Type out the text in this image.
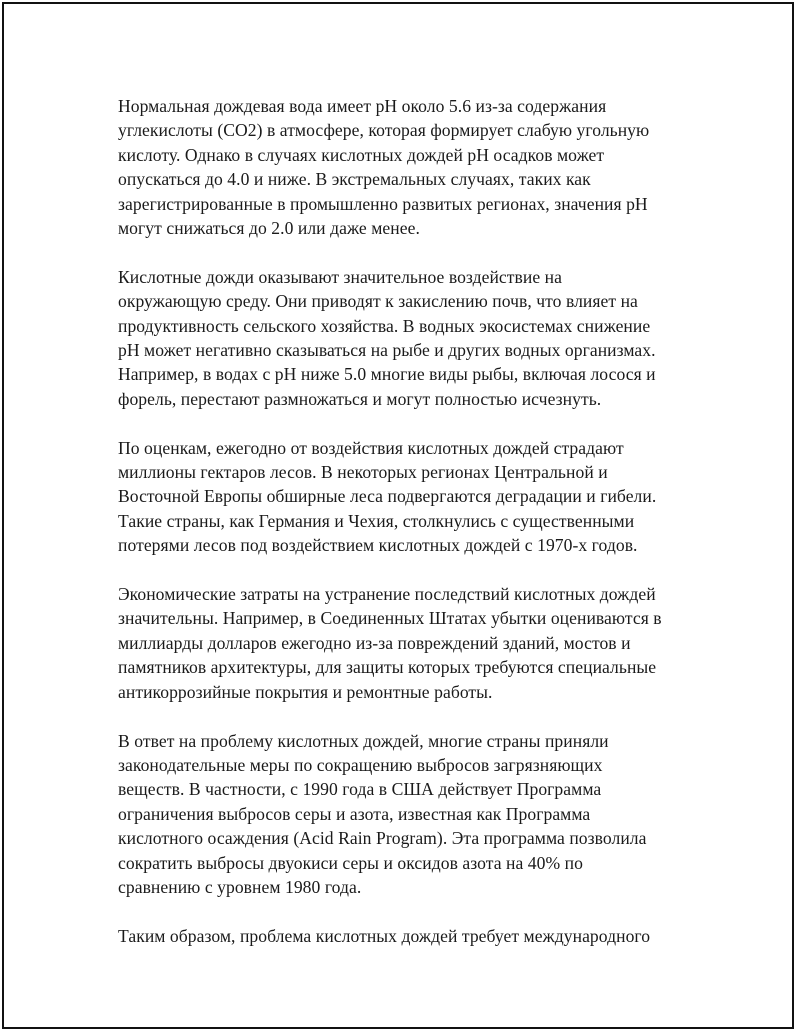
Нормальная дождевая вода имеет pH около 5.6 из-за содержания
углекислоты (CO2) в атмосфере, которая формирует слабую угольную
кислоту. Однако в случаях кислотных дождей pH осадков может
опускаться до 4.0 и ниже. В экстремальных случаях, таких как
зарегистрированные в промышленно развитых регионах, значения pH
могут снижаться до 2.0 или даже менее.

Кислотные дожди оказывают значительное воздействие на
окружающую среду. Они приводят к закислению почв, что влияет на
продуктивность сельского хозяйства. В водных экосистемах снижение
pH может негативно сказываться на рыбе и других водных организмах.
Например, в водах с pH ниже 5.0 многие виды рыбы, включая лосося и
форель, перестают размножаться и могут полностью исчезнуть.

По оценкам, ежегодно от воздействия кислотных дождей страдают
миллионы гектаров лесов. В некоторых регионах Центральной и
Восточной Европы обширные леса подвергаются деградации и гибели.
Такие страны, как Германия и Чехия, столкнулись с существенными
потерями лесов под воздействием кислотных дождей с 1970-х годов.

Экономические затраты на устранение последствий кислотных дождей
значительны. Например, в Соединенных Штатах убытки оцениваются в
миллиарды долларов ежегодно из-за повреждений зданий, мостов и
памятников архитектуры, для защиты которых требуются специальные
антикоррозийные покрытия и ремонтные работы.

В ответ на проблему кислотных дождей, многие страны приняли
законодательные меры по сокращению выбросов загрязняющих
веществ. В частности, с 1990 года в США действует Программа
ограничения выбросов серы и азота, известная как Программа
кислотного осаждения (Acid Rain Program). Эта программа позволила
сократить выбросы двуокиси серы и оксидов азота на 40% по
сравнению с уровнем 1980 года.

Таким образом, проблема кислотных дождей требует международного
